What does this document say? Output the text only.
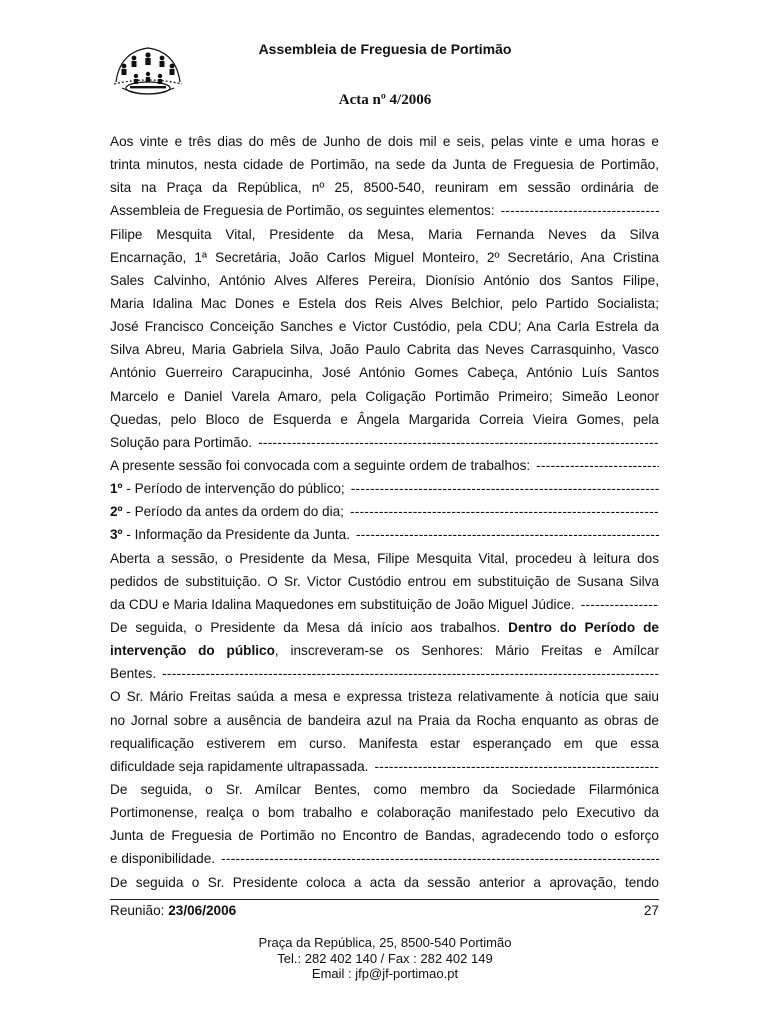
Assembleia de Freguesia de Portimão
Acta nº 4/2006
Aos vinte e três dias do mês de Junho de dois mil e seis, pelas vinte e uma horas e
trinta minutos, nesta cidade de Portimão, na sede da Junta de Freguesia de Portimão,
sita na Praça da República, nº 25, 8500-540, reuniram em sessão ordinária de
Assembleia de Freguesia de Portimão, os seguintes elementos:
-----
Filipe Mesquita Vital, Presidente da Mesa, Maria Fernanda Neves da Silva
Encarnação, 1ª Secretária, João Carlos Miguel Monteiro, 2º Secretário, Ana Cristina
Sales Calvinho, António Alves Alferes Pereira, Dionísio António dos Santos Filipe,
Maria Idalina Mac Dones e Estela dos Reis Alves Belchior, pelo Partido Socialista;
José Francisco Conceição Sanches e Victor Custódio, pela CDU; Ana Carla Estrela da
Silva Abreu, Maria Gabriela Silva, João Paulo Cabrita das Neves Carrasquinho, Vasco
António Guerreiro Carapucinha, José António Gomes Cabeça, António Luís Santos
Marcelo e Daniel Varela Amaro, pela Coligação Portimão Primeiro; Simeão Leonor
Quedas, pelo Bloco de Esquerda e Ângela Margarida Correia Vieira Gomes, pela
Solução para Portimão.
-----
A presente sessão foi convocada com a seguinte ordem de trabalhos:
-----
1º - Período de intervenção do público;
-----
2º - Período da antes da ordem do dia;
-----
3º - Informação da Presidente da Junta.
-----
Aberta a sessão, o Presidente da Mesa, Filipe Mesquita Vital, procedeu à leitura dos
pedidos de substituição. O Sr. Victor Custódio entrou em substituição de Susana Silva
da CDU e Maria Idalina Maquedones em substituição de João Miguel Júdice.
-----
De seguida, o Presidente da Mesa dá início aos trabalhos. Dentro do Período de
intervenção do público, inscreveram-se os Senhores: Mário Freitas e Amílcar
Bentes.
-----
O Sr. Mário Freitas saúda a mesa e expressa tristeza relativamente à notícia que saiu
no Jornal sobre a ausência de bandeira azul na Praia da Rocha enquanto as obras de
requalificação estiverem em curso. Manifesta estar esperançado em que essa
dificuldade seja rapidamente ultrapassada.
-----
De seguida, o Sr. Amílcar Bentes, como membro da Sociedade Filarmónica
Portimonense, realça o bom trabalho e colaboração manifestado pelo Executivo da
Junta de Freguesia de Portimão no Encontro de Bandas, agradecendo todo o esforço
e disponibilidade.
-----
De seguida o Sr. Presidente coloca a acta da sessão anterior a aprovação, tendo
Reunião: 23/06/2006	27
Praça da República, 25, 8500-540 Portimão
Tel.: 282 402 140 / Fax : 282 402 149
Email : jfp@jf-portimao.pt
